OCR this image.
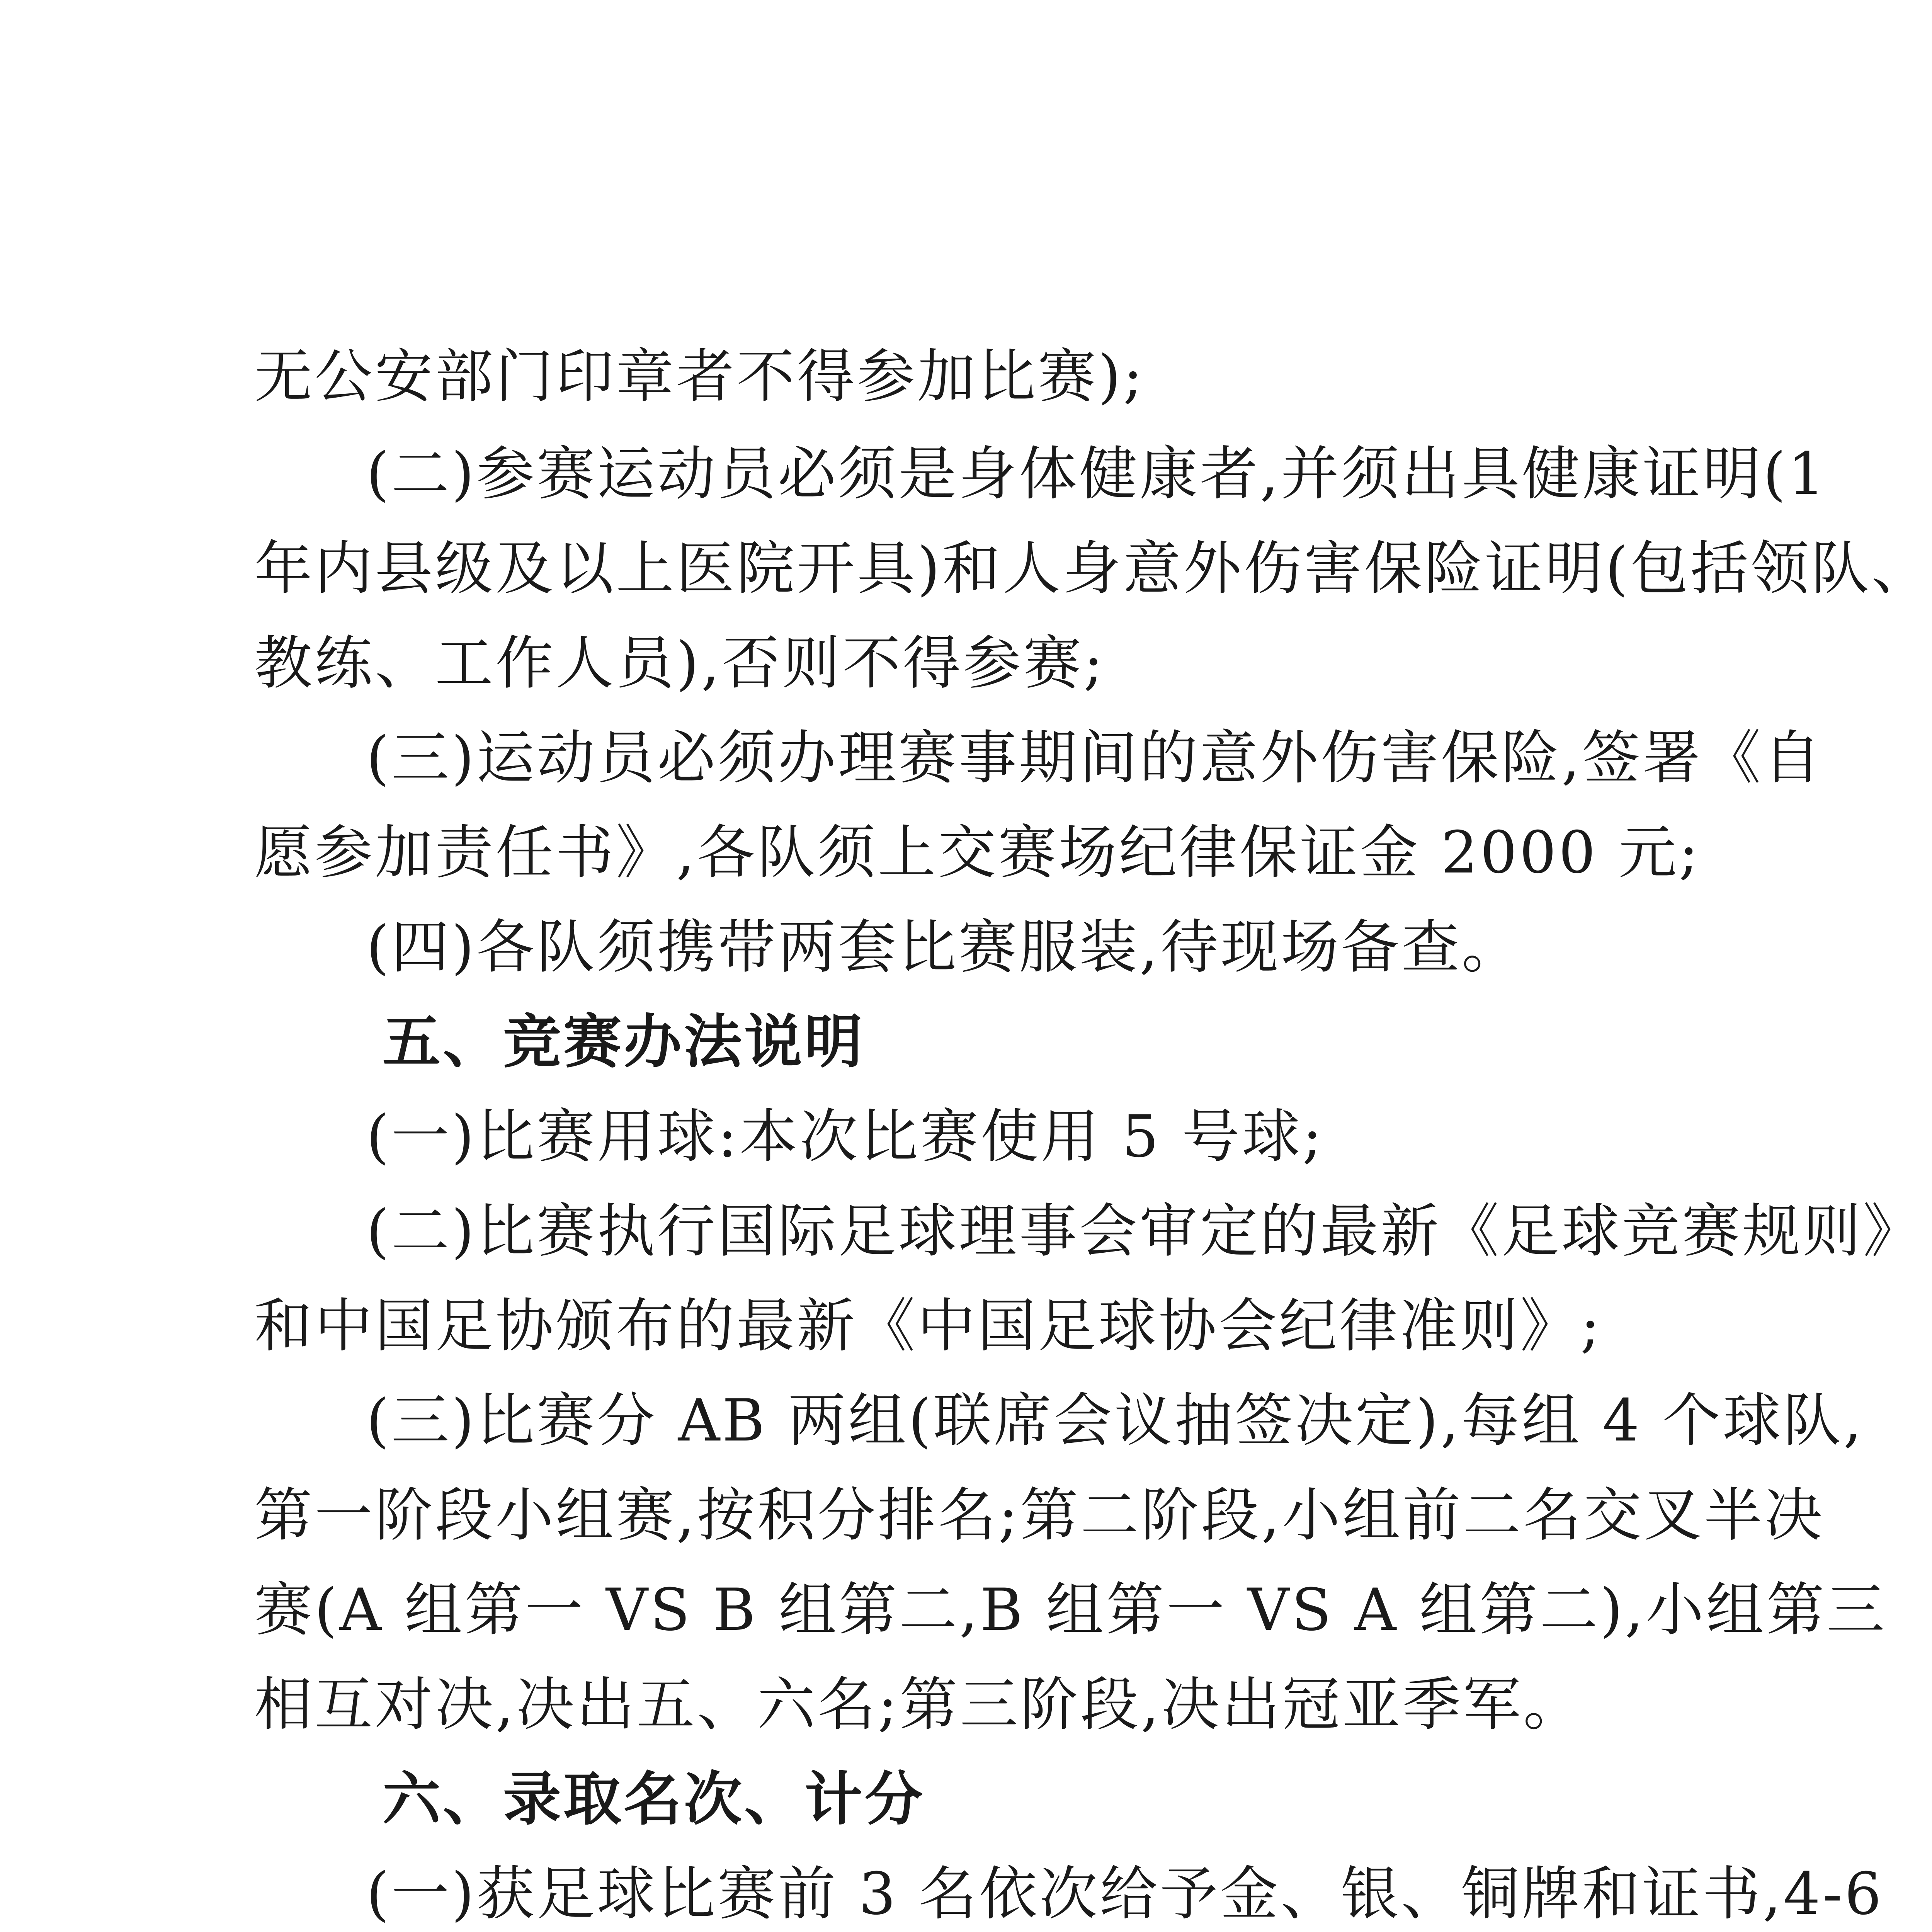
无公安部门印章者不得参加比赛);
(二)参赛运动员必须是身体健康者,并须出具健康证明(1
年内县级及以上医院开具)和人身意外伤害保险证明(包括领队、
教练、工作人员),否则不得参赛;
(三)运动员必须办理赛事期间的意外伤害保险,签署《自
愿参加责任书》,各队须上交赛场纪律保证金 2000 元;
(四)各队须携带两套比赛服装,待现场备查。
五、竞赛办法说明
(一)比赛用球:本次比赛使用 5 号球;
(二)比赛执行国际足球理事会审定的最新《足球竞赛规则》
和中国足协颁布的最新《中国足球协会纪律准则》;
(三)比赛分 AB 两组(联席会议抽签决定),每组 4 个球队,
第一阶段小组赛,按积分排名;第二阶段,小组前二名交叉半决
赛(A 组第一 VS B 组第二,B 组第一 VS A 组第二),小组第三
相互对决,决出五、六名;第三阶段,决出冠亚季军。
六、录取名次、计分
(一)获足球比赛前 3 名依次给予金、银、铜牌和证书,4-6
